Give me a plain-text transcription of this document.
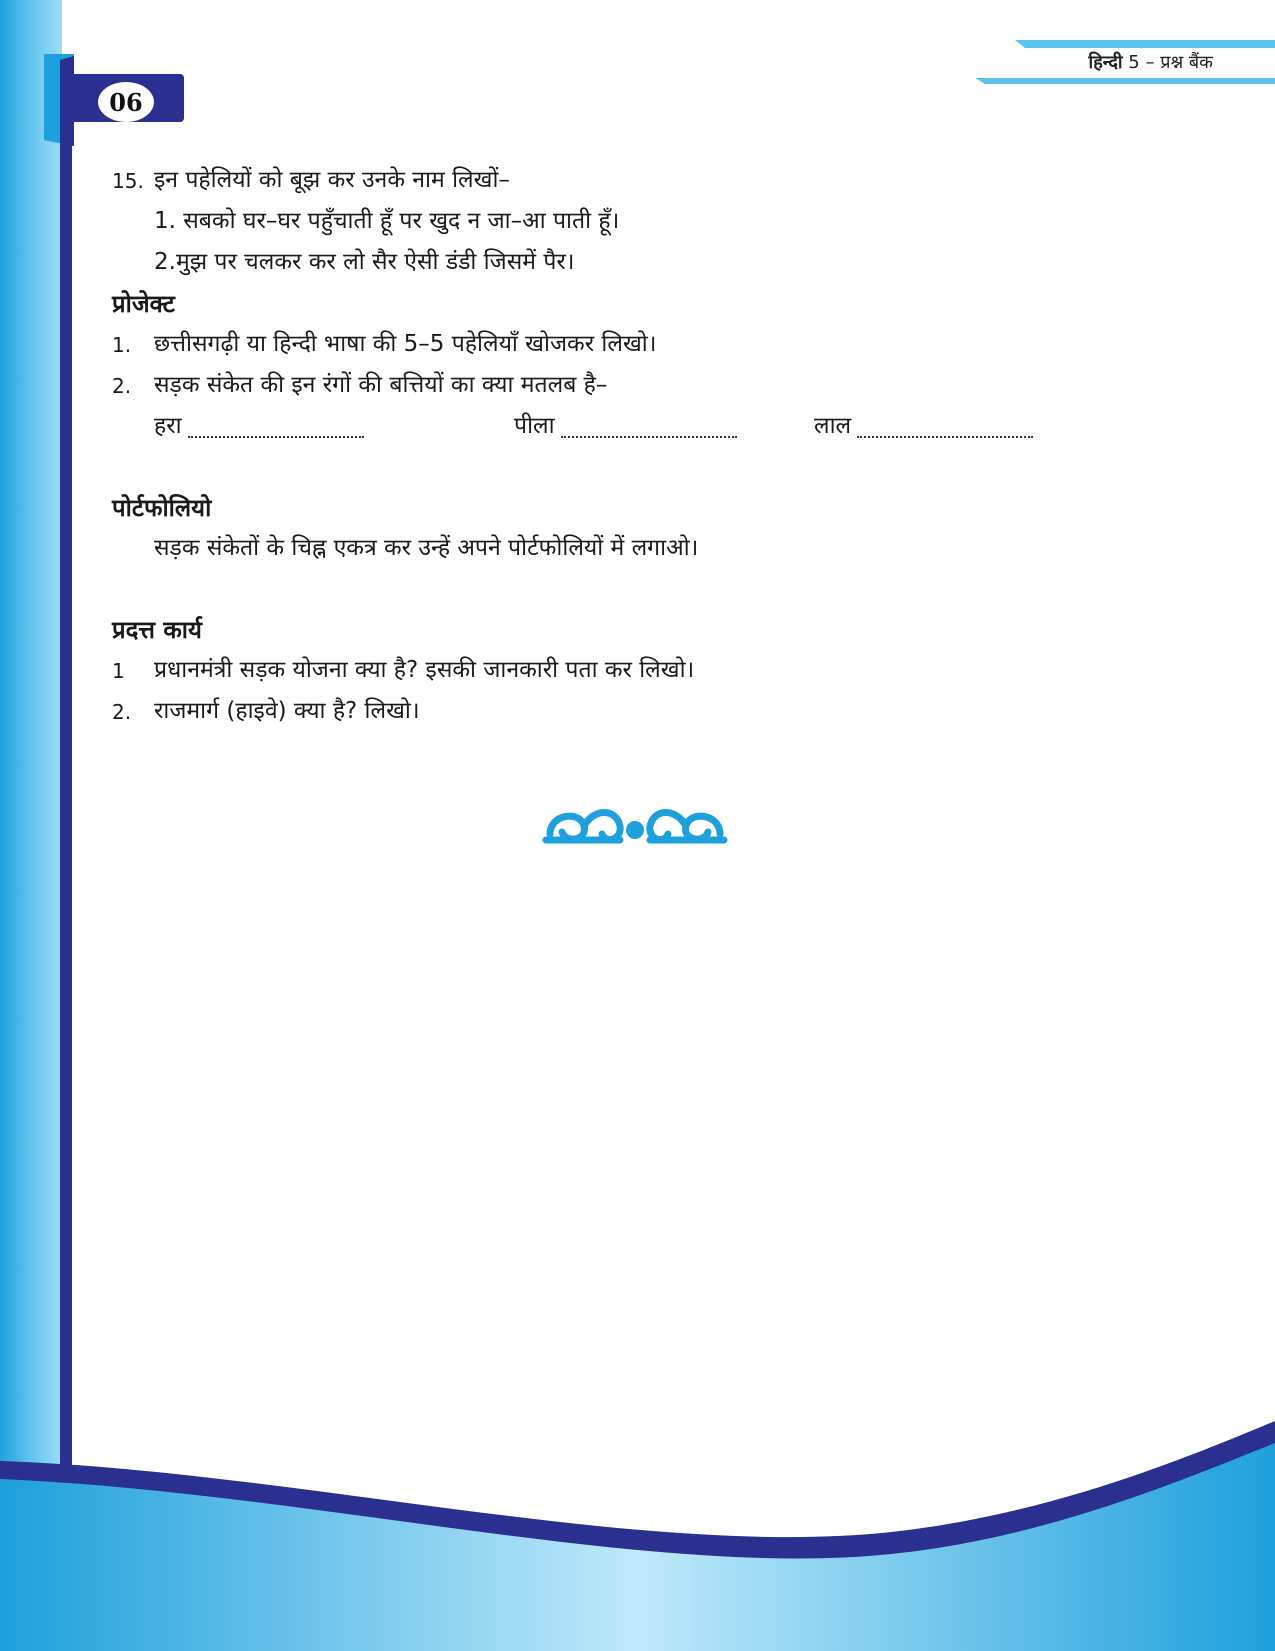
06
हिन्दी 5 – प्रश्न बैंक
15. इन पहेलियों को बूझ कर उनके नाम लिखों–
1. सबको घर–घर पहुँचाती हूँ पर खुद न जा–आ पाती हूँ।
2.मुझ पर चलकर कर लो सैर ऐसी डंडी जिसमें पैर।
प्रोजेक्ट
1. छत्तीसगढ़ी या हिन्दी भाषा की 5–5 पहेलियाँ खोजकर लिखो।
2. सड़क संकेत की इन रंगों की बत्तियों का क्या मतलब है–
हरा	पीला	लाल
पोर्टफोलियो
सड़क संकेतों के चिह्न एकत्र कर उन्हें अपने पोर्टफोलियों में लगाओ।
प्रदत्त कार्य
1	प्रधानमंत्री सड़क योजना क्या है? इसकी जानकारी पता कर लिखो।
2. राजमार्ग (हाइवे) क्या है? लिखो।
